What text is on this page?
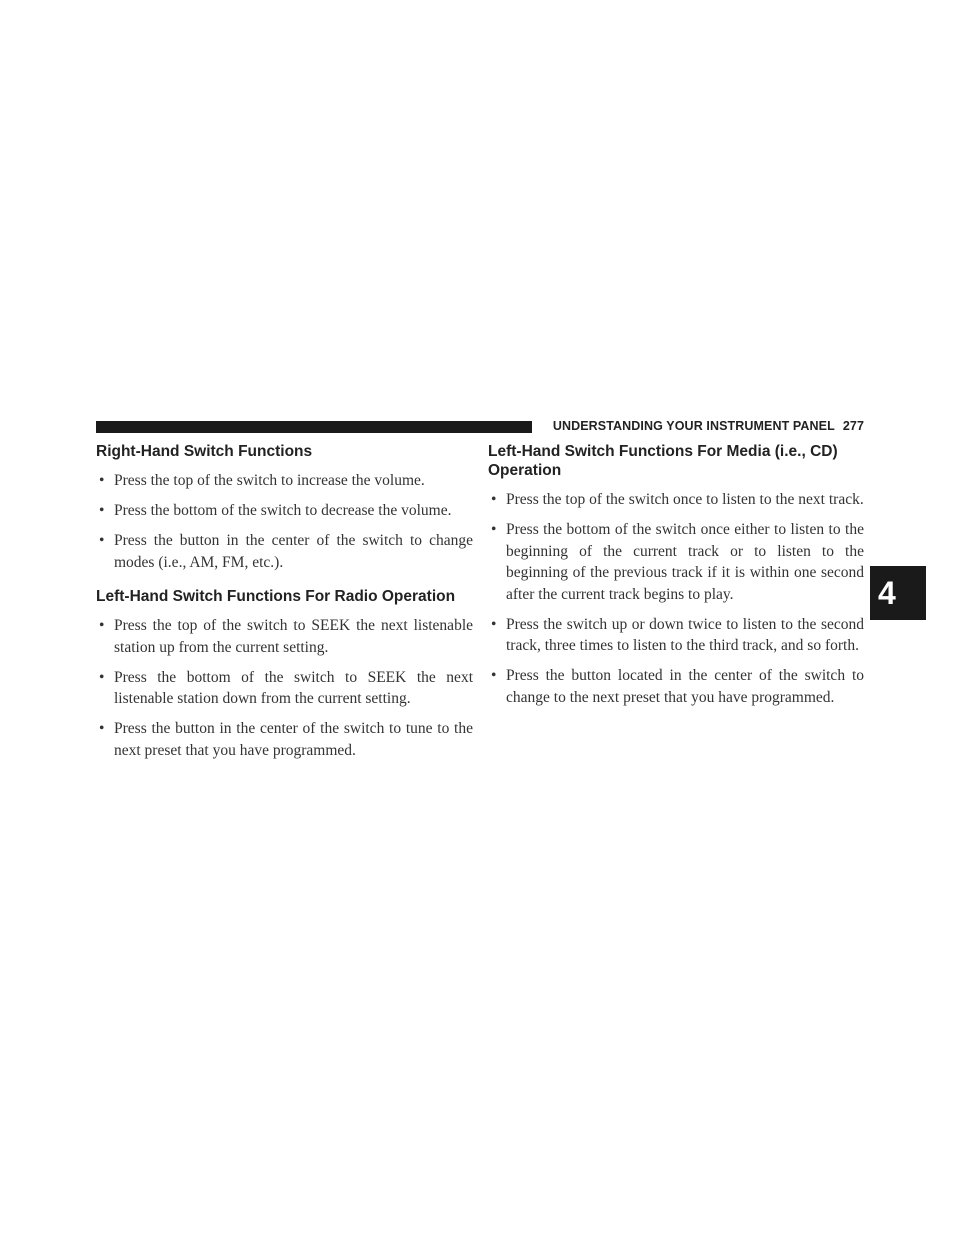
UNDERSTANDING YOUR INSTRUMENT PANEL 277
4
Right-Hand Switch Functions
• Press the top of the switch to increase the volume.
• Press the bottom of the switch to decrease the volume.
• Press the button in the center of the switch to change modes (i.e., AM, FM, etc.).
Left-Hand Switch Functions For Radio Operation
• Press the top of the switch to SEEK the next listenable station up from the current setting.
• Press the bottom of the switch to SEEK the next listenable station down from the current setting.
• Press the button in the center of the switch to tune to the next preset that you have programmed.
Left-Hand Switch Functions For Media (i.e., CD) Operation
• Press the top of the switch once to listen to the next track.
• Press the bottom of the switch once either to listen to the beginning of the current track or to listen to the beginning of the previous track if it is within one second after the current track begins to play.
• Press the switch up or down twice to listen to the second track, three times to listen to the third track, and so forth.
• Press the button located in the center of the switch to change to the next preset that you have programmed.
